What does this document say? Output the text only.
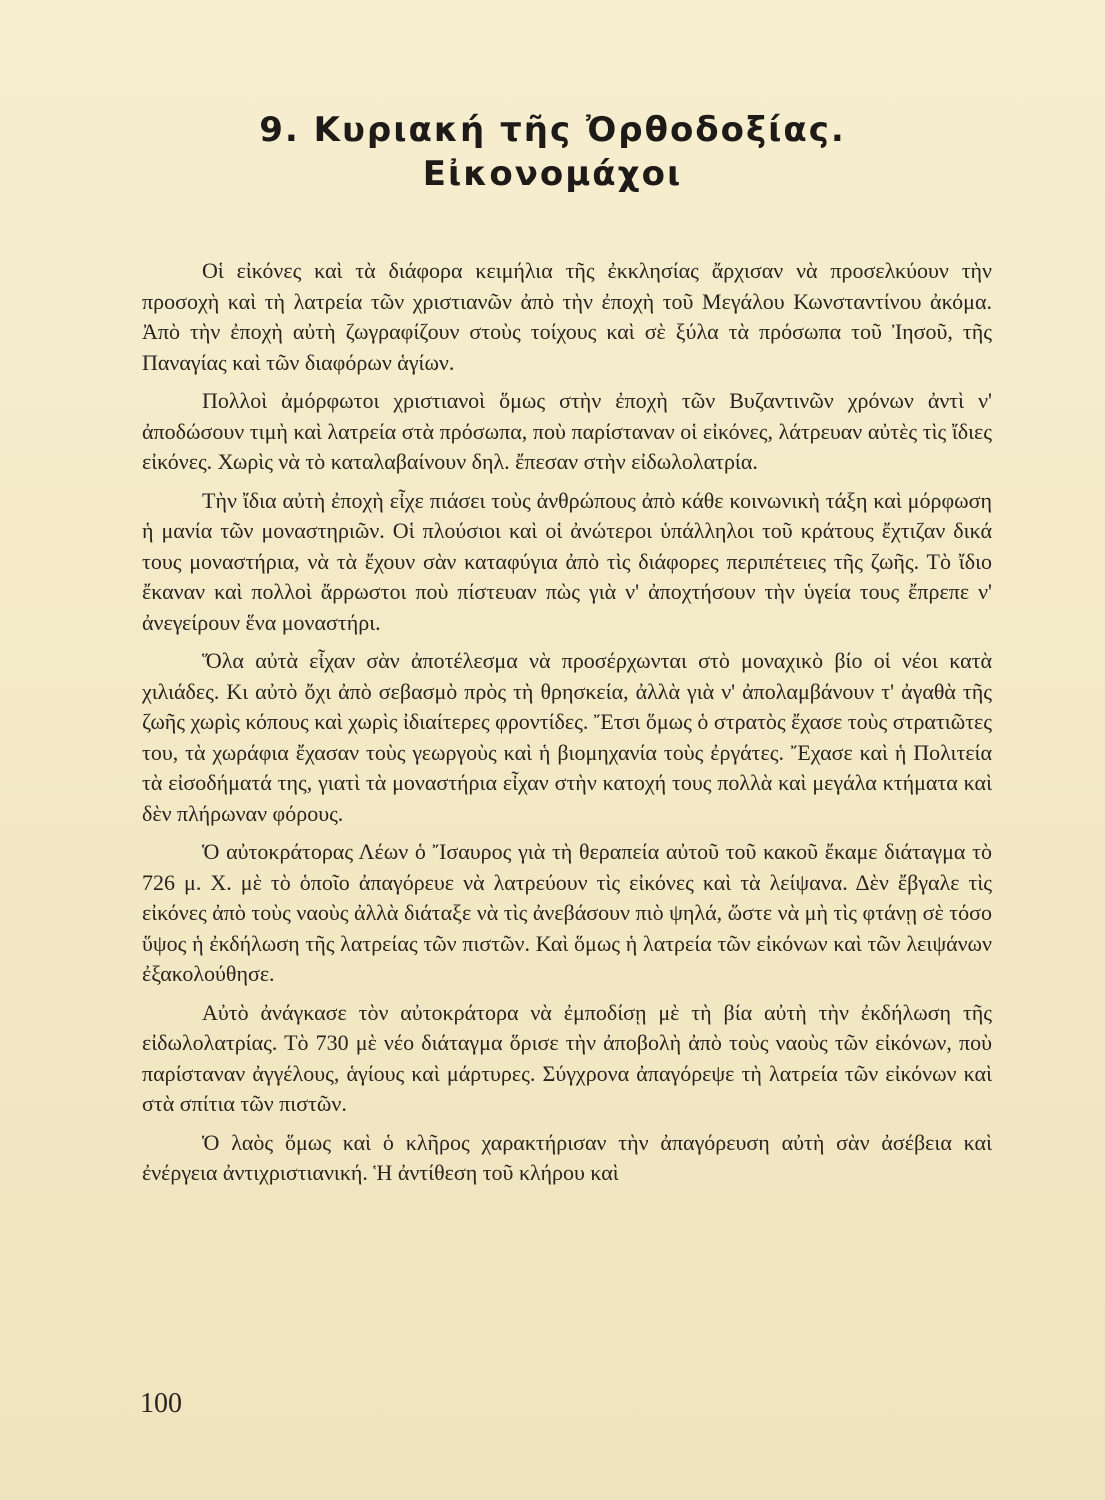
9. Κυριακή τῆς Ὀρθοδοξίας.
Εἰκονομάχοι

Οἱ εἰκόνες καὶ τὰ διάφορα κειμήλια τῆς ἐκκλησίας ἄρχισαν νὰ προσελκύουν τὴν προσοχὴ καὶ τὴ λατρεία τῶν χριστιανῶν ἀπὸ τὴν ἐποχὴ τοῦ Μεγάλου Κωνσταντίνου ἀκόμα. Ἀπὸ τὴν ἐποχὴ αὐτὴ ζωγραφίζουν στοὺς τοίχους καὶ σὲ ξύλα τὰ πρόσωπα τοῦ Ἰησοῦ, τῆς Παναγίας καὶ τῶν διαφόρων ἁγίων.

Πολλοὶ ἀμόρφωτοι χριστιανοὶ ὅμως στὴν ἐποχὴ τῶν Βυζαντινῶν χρόνων ἀντὶ ν' ἀποδώσουν τιμὴ καὶ λατρεία στὰ πρόσωπα, ποὺ παρίσταναν οἱ εἰκόνες, λάτρευαν αὐτὲς τὶς ἴδιες εἰκόνες. Χωρὶς νὰ τὸ καταλαβαίνουν δηλ. ἔπεσαν στὴν εἰδωλολατρία.

Τὴν ἴδια αὐτὴ ἐποχὴ εἶχε πιάσει τοὺς ἀνθρώπους ἀπὸ κάθε κοινωνικὴ τάξη καὶ μόρφωση ἡ μανία τῶν μοναστηριῶν. Οἱ πλούσιοι καὶ οἱ ἀνώτεροι ὑπάλληλοι τοῦ κράτους ἔχτιζαν δικά τους μοναστήρια, νὰ τὰ ἔχουν σὰν καταφύγια ἀπὸ τὶς διάφορες περιπέτειες τῆς ζωῆς. Τὸ ἴδιο ἔκαναν καὶ πολλοὶ ἄρρωστοι ποὺ πίστευαν πὼς γιὰ ν' ἀποχτήσουν τὴν ὑγεία τους ἔπρεπε ν' ἀνεγείρουν ἕνα μοναστήρι.

Ὅλα αὐτὰ εἶχαν σὰν ἀποτέλεσμα νὰ προσέρχωνται στὸ μοναχικὸ βίο οἱ νέοι κατὰ χιλιάδες. Κι αὐτὸ ὄχι ἀπὸ σεβασμὸ πρὸς τὴ θρησκεία, ἀλλὰ γιὰ ν' ἀπολαμβάνουν τ' ἀγαθὰ τῆς ζωῆς χωρὶς κόπους καὶ χωρὶς ἰδιαίτερες φροντίδες. Ἔτσι ὅμως ὁ στρατὸς ἔχασε τοὺς στρατιῶτες του, τὰ χωράφια ἔχασαν τοὺς γεωργοὺς καὶ ἡ βιομηχανία τοὺς ἐργάτες. Ἔχασε καὶ ἡ Πολιτεία τὰ εἰσοδήματά της, γιατὶ τὰ μοναστήρια εἶχαν στὴν κατοχή τους πολλὰ καὶ μεγάλα κτήματα καὶ δὲν πλήρωναν φόρους.

Ὁ αὐτοκράτορας Λέων ὁ Ἴσαυρος γιὰ τὴ θεραπεία αὐτοῦ τοῦ κακοῦ ἔκαμε διάταγμα τὸ 726 μ. Χ. μὲ τὸ ὁποῖο ἀπαγόρευε νὰ λατρεύουν τὶς εἰκόνες καὶ τὰ λείψανα. Δὲν ἔβγαλε τὶς εἰκόνες ἀπὸ τοὺς ναοὺς ἀλλὰ διάταξε νὰ τὶς ἀνεβάσουν πιὸ ψηλά, ὥστε νὰ μὴ τὶς φτάνῃ σὲ τόσο ὕψος ἡ ἐκδήλωση τῆς λατρείας τῶν πιστῶν. Καὶ ὅμως ἡ λατρεία τῶν εἰκόνων καὶ τῶν λειψάνων ἐξακολούθησε.

Αὐτὸ ἀνάγκασε τὸν αὐτοκράτορα νὰ ἐμποδίσῃ μὲ τὴ βία αὐτὴ τὴν ἐκδήλωση τῆς εἰδωλολατρίας. Τὸ 730 μὲ νέο διάταγμα ὅρισε τὴν ἀποβολὴ ἀπὸ τοὺς ναοὺς τῶν εἰκόνων, ποὺ παρίσταναν ἀγγέλους, ἁγίους καὶ μάρτυρες. Σύγχρονα ἀπαγόρεψε τὴ λατρεία τῶν εἰκόνων καὶ στὰ σπίτια τῶν πιστῶν.

Ὁ λαὸς ὅμως καὶ ὁ κλῆρος χαρακτήρισαν τὴν ἀπαγόρευση αὐτὴ σὰν ἀσέβεια καὶ ἐνέργεια ἀντιχριστιανική. Ἡ ἀντίθεση τοῦ κλήρου καὶ

100
